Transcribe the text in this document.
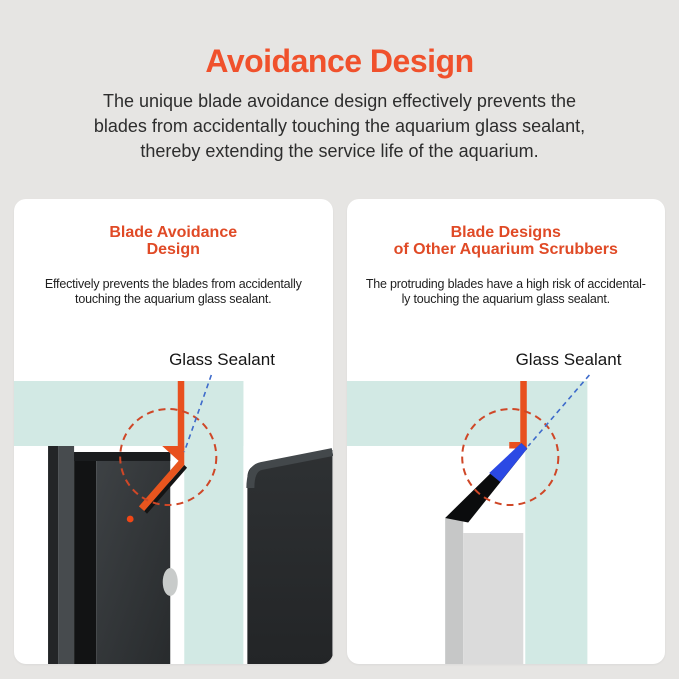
Avoidance Design
The unique blade avoidance design effectively prevents the
blades from accidentally touching the aquarium glass sealant,
thereby extending the service life of the aquarium.
Blade Avoidance
Design
Effectively prevents the blades from accidentally
touching the aquarium glass sealant.
Glass Sealant
Blade Designs
of Other Aquarium Scrubbers
The protruding blades have a high risk of accidental-
ly touching the aquarium glass sealant.
Glass Sealant
